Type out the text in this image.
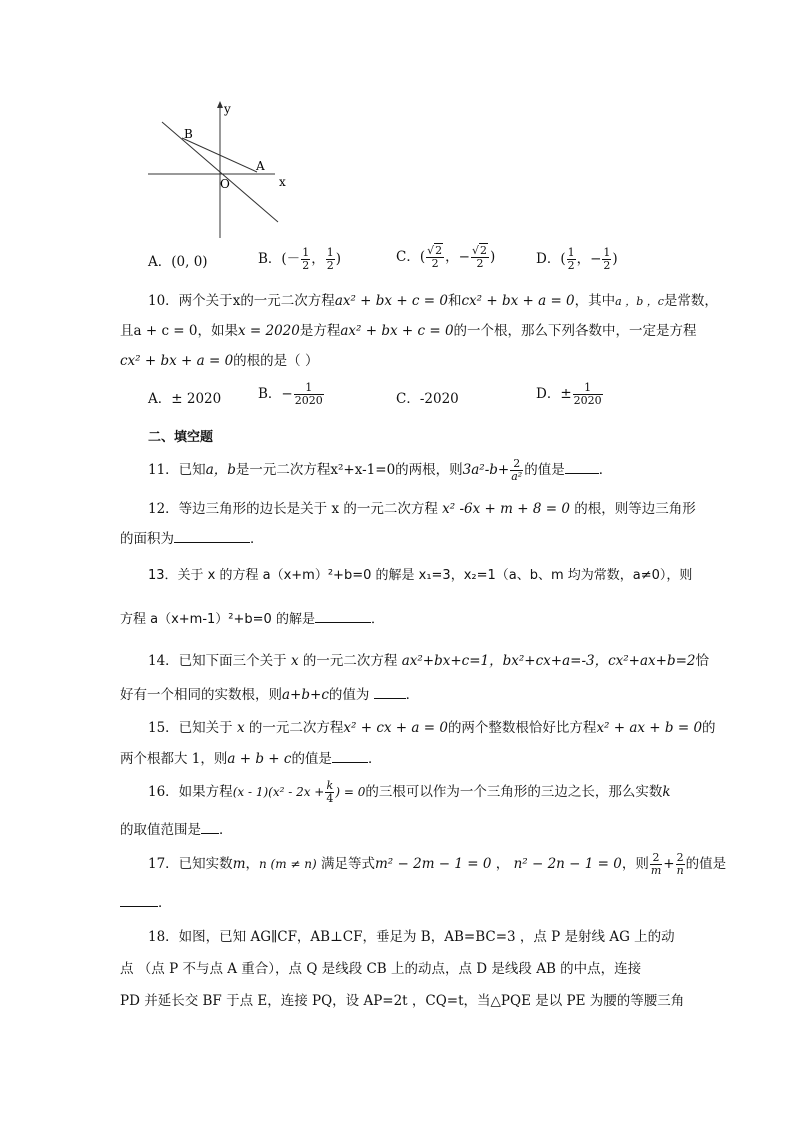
y
x
B
A
O
A．(0, 0)	B．(－ $\frac{1}{2}$ ， $\frac{1}{2}$ )	C．( $\frac{√2}{2}$ ，− $\frac{√2}{2}$ )	D．( $\frac{1}{2}$ ，− $\frac{1}{2}$ )
10．两个关于x的一元二次方程ax² + bx + c = 0和cx² + bx + a = 0，其中a ，b ，c是常数，
且a + c = 0，如果x = 2020是方程ax² + bx + c = 0的一个根，那么下列各数中，一定是方程
cx² + bx + a = 0的根的是（ ）
A．± 2020	B．− $\frac{1}{2020}$	C．-2020	D．± $\frac{1}{2020}$
二、填空题
11．已知a，b是一元二次方程x²+x-1=0的两根，则$3a^2-b+ \frac{2}{\text{a²}}$ 的值是	．
12．等边三角形的边长是关于 x 的一元二次方程 x² -6x + m + 8 = 0 的根，则等边三角形
的面积为	．
13．关于 x 的方程 a（x+m）²+b=0 的解是 x₁=3，x₂=1（a、b、m 均为常数，a≠0），则
方程 a（x+m-1）²+b=0 的解是	．
14．已知下面三个关于 x 的一元二次方程 ax²+bx+c=1，bx²+cx+a=-3，cx²+ax+b=2恰
好有一个相同的实数根，则a+b+c的值为	．
15．已知关于 x 的一元二次方程x² + cx + a = 0的两个整数根恰好比方程x² + ax + b = 0的
两个根都大 1，则a + b + c的值是	．
16．如果方程$(x - 1)(x^2 - 2x + \frac{k}{4}$ ) = 0的三根可以作为一个三角形的三边之长，那么实数k
的取值范围是 ．
17．已知实数m，n (m ≠ n) 满足等式m² − 2m − 1 = 0 ， n² − 2n − 1 = 0，则 $\frac{2}{m} + \frac{2}{n}$ 的值是
．
18．如图，已知 AG∥CF，AB⊥CF，垂足为 B，AB=BC=3 ，点 P 是射线 AG 上的动
点 （点 P 不与点 A 重合），点 Q 是线段 CB 上的动点，点 D 是线段 AB 的中点，连接
PD 并延长交 BF 于点 E，连接 PQ，设 AP=2t ，CQ=t，当△PQE 是以 PE 为腰的等腰三角
